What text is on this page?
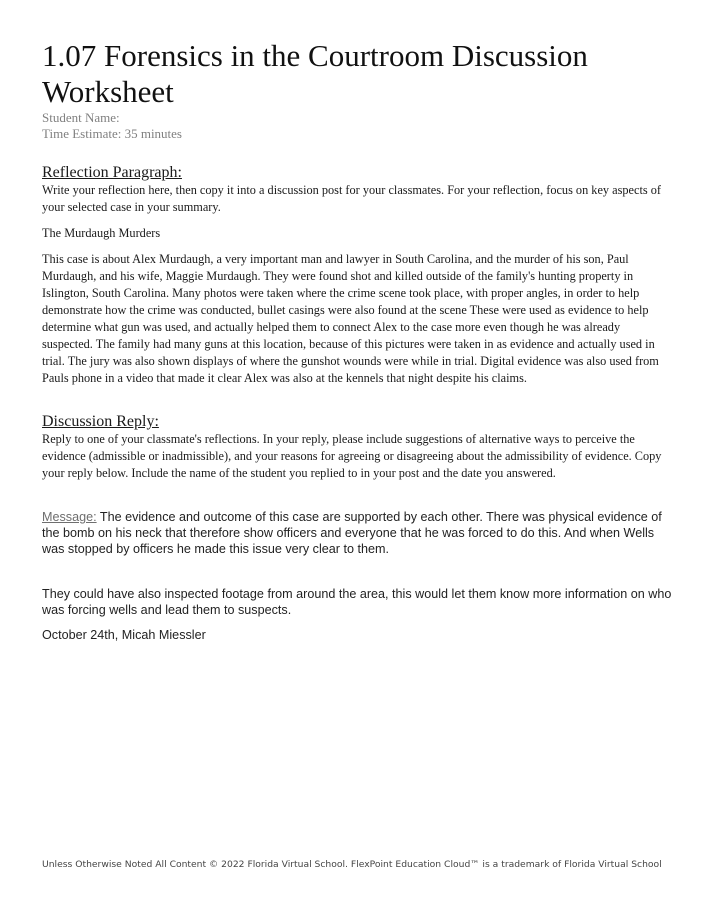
1.07 Forensics in the Courtroom Discussion Worksheet
Student Name:
Time Estimate: 35 minutes
Reflection Paragraph:

Write your reflection here, then copy it into a discussion post for your classmates. For your reflection, focus on key aspects of your selected case in your summary.

The Murdaugh Murders

This case is about Alex Murdaugh, a very important man and lawyer in South Carolina, and the murder of his son, Paul Murdaugh, and his wife, Maggie Murdaugh. They were found shot and killed outside of the family's hunting property in Islington, South Carolina. Many photos were taken where the crime scene took place, with proper angles, in order to help demonstrate how the crime was conducted, bullet casings were also found at the scene These were used as evidence to help determine what gun was used, and actually helped them to connect Alex to the case more even though he was already suspected. The family had many guns at this location, because of this pictures were taken in as evidence and actually used in trial. The jury was also shown displays of where the gunshot wounds were while in trial. Digital evidence was also used from Pauls phone in a video that made it clear Alex was also at the kennels that night despite his claims.

Discussion Reply:

Reply to one of your classmate's reflections. In your reply, please include suggestions of alternative ways to perceive the evidence (admissible or inadmissible), and your reasons for agreeing or disagreeing about the admissibility of evidence. Copy your reply below. Include the name of the student you replied to in your post and the date you answered.

Message: The evidence and outcome of this case are supported by each other. There was physical evidence of the bomb on his neck that therefore show officers and everyone that he was forced to do this. And when Wells was stopped by officers he made this issue very clear to them.

They could have also inspected footage from around the area, this would let them know more information on who was forcing wells and lead them to suspects.

October 24th, Micah Miessler

Unless Otherwise Noted All Content © 2022 Florida Virtual School. FlexPoint Education Cloud™ is a trademark of Florida Virtual School
